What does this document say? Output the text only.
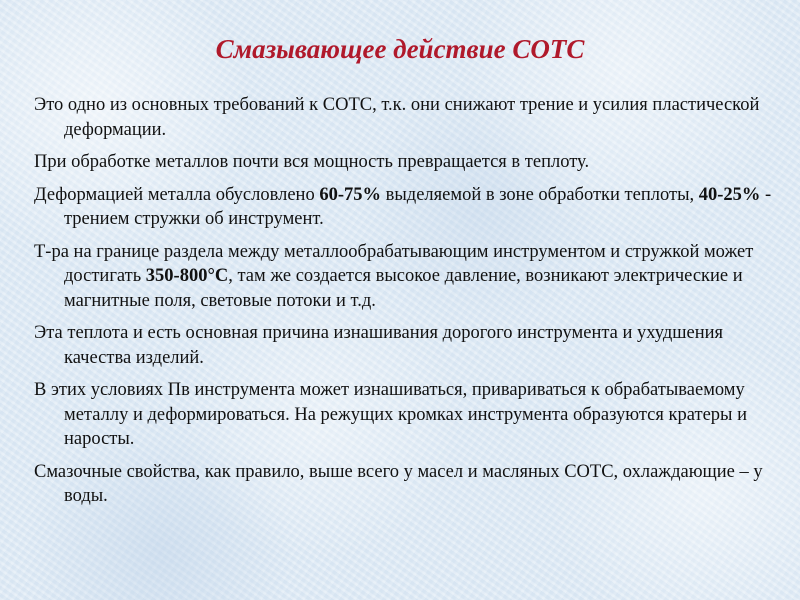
Смазывающее действие СОТС

Это одно из основных требований к СОТС, т.к. они снижают трение и усилия пластической деформации.

При обработке металлов почти вся мощность превращается в теплоту.

Деформацией металла обусловлено 60-75% выделяемой в зоне обработки теплоты, 40-25% - трением стружки об инструмент.

Т-ра на границе раздела между металлообрабатывающим инструментом и стружкой может достигать 350-800°С, там же создается высокое давление, возникают электрические и магнитные поля, световые потоки и т.д.

Эта теплота и есть основная причина изнашивания дорогого инструмента и ухудшения качества изделий.

В этих условиях Пв инструмента может изнашиваться, привариваться к обрабатываемому металлу и деформироваться. На режущих кромках инструмента образуются кратеры и наросты.

Смазочные свойства, как правило, выше всего у масел и масляных СОТС, охлаждающие – у воды.
